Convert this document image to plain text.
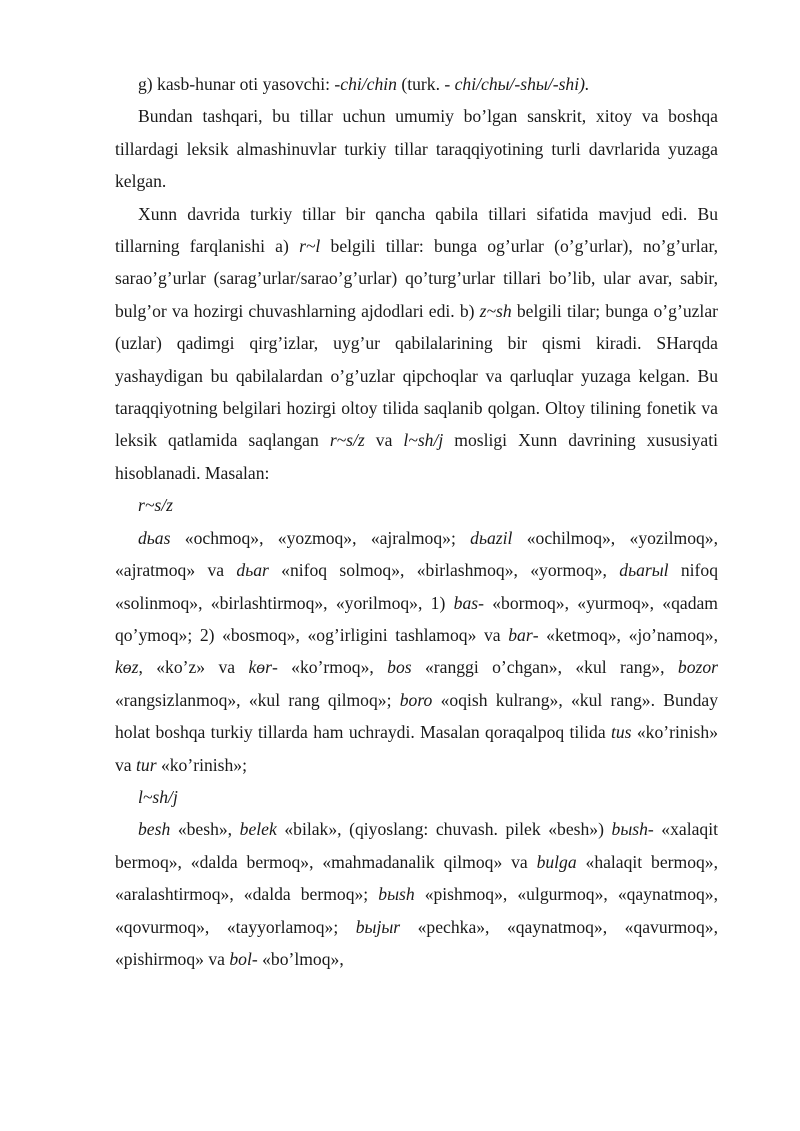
g) kasb-hunar oti yasovchi: -chi/chin (turk. - chi/chы/-shы/-shi).

Bundan tashqari, bu tillar uchun umumiy bo’lgan sanskrit, xitoy va boshqa tillardagi leksik almashinuvlar turkiy tillar taraqqiyotining turli davrlarida yuzaga kelgan.

Xunn davrida turkiy tillar bir qancha qabila tillari sifatida mavjud edi. Bu tillarning farqlanishi a) r~l belgili tillar: bunga og’urlar (o’g’urlar), no’g’urlar, sarao’g’urlar (sarag’urlar/sarao’g’urlar) qo’turg’urlar tillari bo’lib, ular avar, sabir, bulg’or va hozirgi chuvashlarning ajdodlari edi. b) z~sh belgili tilar; bunga o’g’uzlar (uzlar) qadimgi qirg’izlar, uyg’ur qabilalarining bir qismi kiradi. SHarqda yashaydigan bu qabilalardan o’g’uzlar qipchoqlar va qarluqlar yuzaga kelgan. Bu taraqqiyotning belgilari hozirgi oltoy tilida saqlanib qolgan. Oltoy tilining fonetik va leksik qatlamida saqlangan r~s/z va l~sh/j mosligi Xunn davrining xususiyati hisoblanadi. Masalan:

r~s/z

dьas «ochmoq», «yozmoq», «ajralmoq»; dьazil «ochilmoq», «yozilmoq», «ajratmoq» va dьar «nifoq solmoq», «birlashmoq», «yormoq», dьarыl nifoq «solinmoq», «birlashtirmoq», «yorilmoq», 1) bas- «bormoq», «yurmoq», «qadam qo’ymoq»; 2) «bosmoq», «og’irligini tashlamoq» va bar- «ketmoq», «jo’namoq», kөz, «ko’z» va kөr- «ko’rmoq», bos «ranggi o’chgan», «kul rang», bozor «rangsizlanmoq», «kul rang qilmoq»; boro «oqish kulrang», «kul rang». Bunday holat boshqa turkiy tillarda ham uchraydi. Masalan qoraqalpoq tilida tus «ko’rinish» va tur «ko’rinish»;

l~sh/j

besh «besh», belek «bilak», (qiyoslang: chuvash. pilek «besh») bыsh- «xalaqit bermoq», «dalda bermoq», «mahmadanalik qilmoq» va bulga «halaqit bermoq», «aralashtirmoq», «dalda bermoq»; bыsh «pishmoq», «ulgurmoq», «qaynatmoq», «qovurmoq», «tayyorlamoq»; bыjыr «pechka», «qaynatmoq», «qavurmoq», «pishirmoq» va bol- «bo’lmoq»,
